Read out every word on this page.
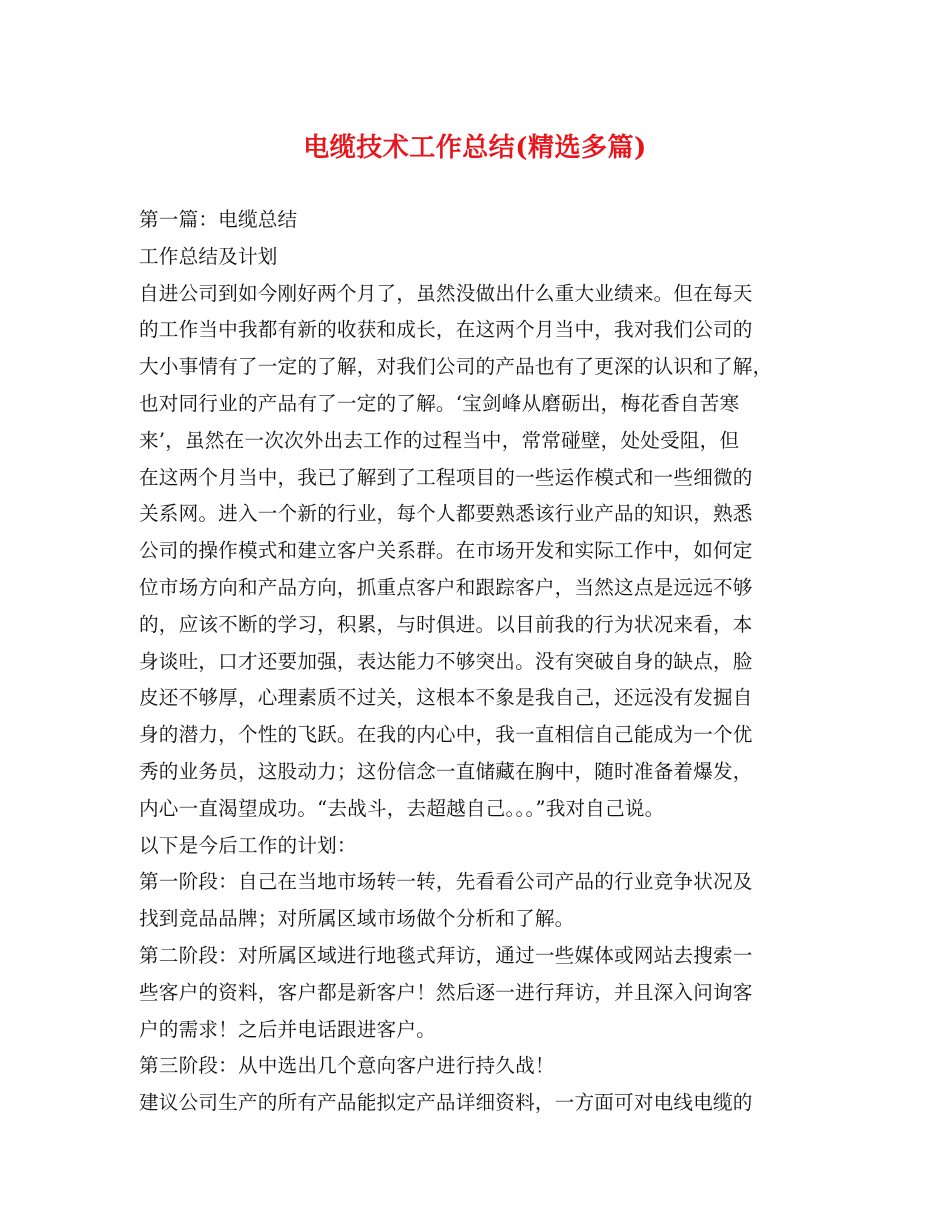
电缆技术工作总结(精选多篇)
第一篇：电缆总结
工作总结及计划
自进公司到如今刚好两个月了，虽然没做出什么重大业绩来。但在每天
的工作当中我都有新的收获和成长，在这两个月当中，我对我们公司的
大小事情有了一定的了解，对我们公司的产品也有了更深的认识和了解，
也对同行业的产品有了一定的了解。‘宝剑峰从磨砺出，梅花香自苦寒
来’，虽然在一次次外出去工作的过程当中，常常碰壁，处处受阻，但
在这两个月当中，我已了解到了工程项目的一些运作模式和一些细微的
关系网。进入一个新的行业，每个人都要熟悉该行业产品的知识，熟悉
公司的操作模式和建立客户关系群。在市场开发和实际工作中，如何定
位市场方向和产品方向，抓重点客户和跟踪客户，当然这点是远远不够
的，应该不断的学习，积累，与时俱进。以目前我的行为状况来看，本
身谈吐，口才还要加强，表达能力不够突出。没有突破自身的缺点，脸
皮还不够厚，心理素质不过关，这根本不象是我自己，还远没有发掘自
身的潜力，个性的飞跃。在我的内心中，我一直相信自己能成为一个优
秀的业务员，这股动力；这份信念一直储藏在胸中，随时准备着爆发，
内心一直渴望成功。“去战斗，去超越自己。。。”我对自己说。
以下是今后工作的计划：
第一阶段：自己在当地市场转一转，先看看公司产品的行业竞争状况及
找到竞品品牌；对所属区域市场做个分析和了解。
第二阶段：对所属区域进行地毯式拜访，通过一些媒体或网站去搜索一
些客户的资料，客户都是新客户！然后逐一进行拜访，并且深入问询客
户的需求！之后并电话跟进客户。
第三阶段：从中选出几个意向客户进行持久战！
建议公司生产的所有产品能拟定产品详细资料，一方面可对电线电缆的
